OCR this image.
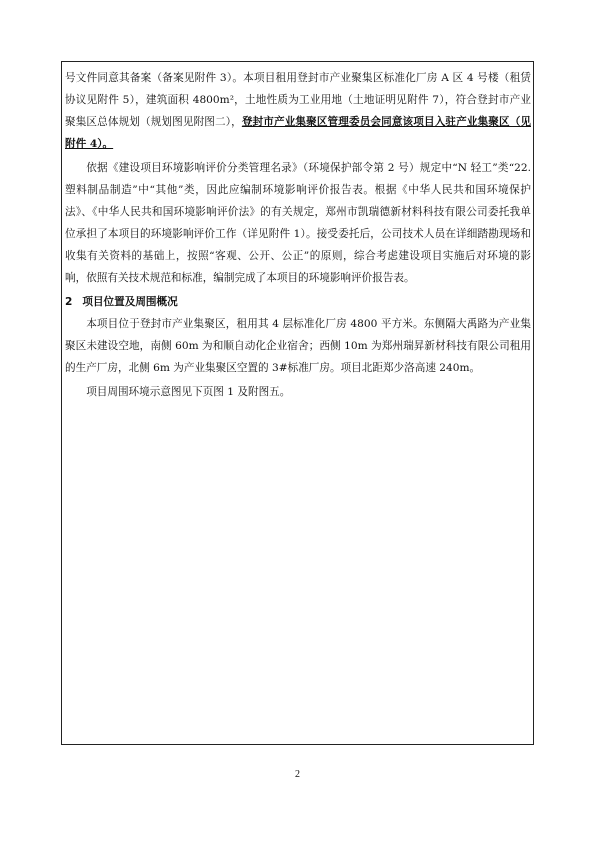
号文件同意其备案（备案见附件 3）。本项目租用登封市产业聚集区标准化厂房 A 区 4 号楼（租赁协议见附件 5），建筑面积 4800m²，土地性质为工业用地（土地证明见附件 7），符合登封市产业聚集区总体规划（规划图见附图二），登封市产业集聚区管理委员会同意该项目入驻产业集聚区（见附件 4）。

依据《建设项目环境影响评价分类管理名录》（环境保护部令第 2 号）规定中“N 轻工”类“22.塑料制品制造”中“其他”类，因此应编制环境影响评价报告表。根据《中华人民共和国环境保护法》、《中华人民共和国环境影响评价法》的有关规定，郑州市凯瑞德新材料科技有限公司委托我单位承担了本项目的环境影响评价工作（详见附件 1）。接受委托后，公司技术人员在详细踏勘现场和收集有关资料的基础上，按照“客观、公开、公正”的原则，综合考虑建设项目实施后对环境的影响，依照有关技术规范和标准，编制完成了本项目的环境影响评价报告表。

2 项目位置及周围概况

本项目位于登封市产业集聚区，租用其 4 层标准化厂房 4800 平方米。东侧隔大禹路为产业集聚区未建设空地，南侧 60m 为和顺自动化企业宿舍；西侧 10m 为郑州瑞昇新材科技有限公司租用的生产厂房，北侧 6m 为产业集聚区空置的 3#标准厂房。项目北距郑少洛高速 240m。

项目周围环境示意图见下页图 1 及附图五。

2
